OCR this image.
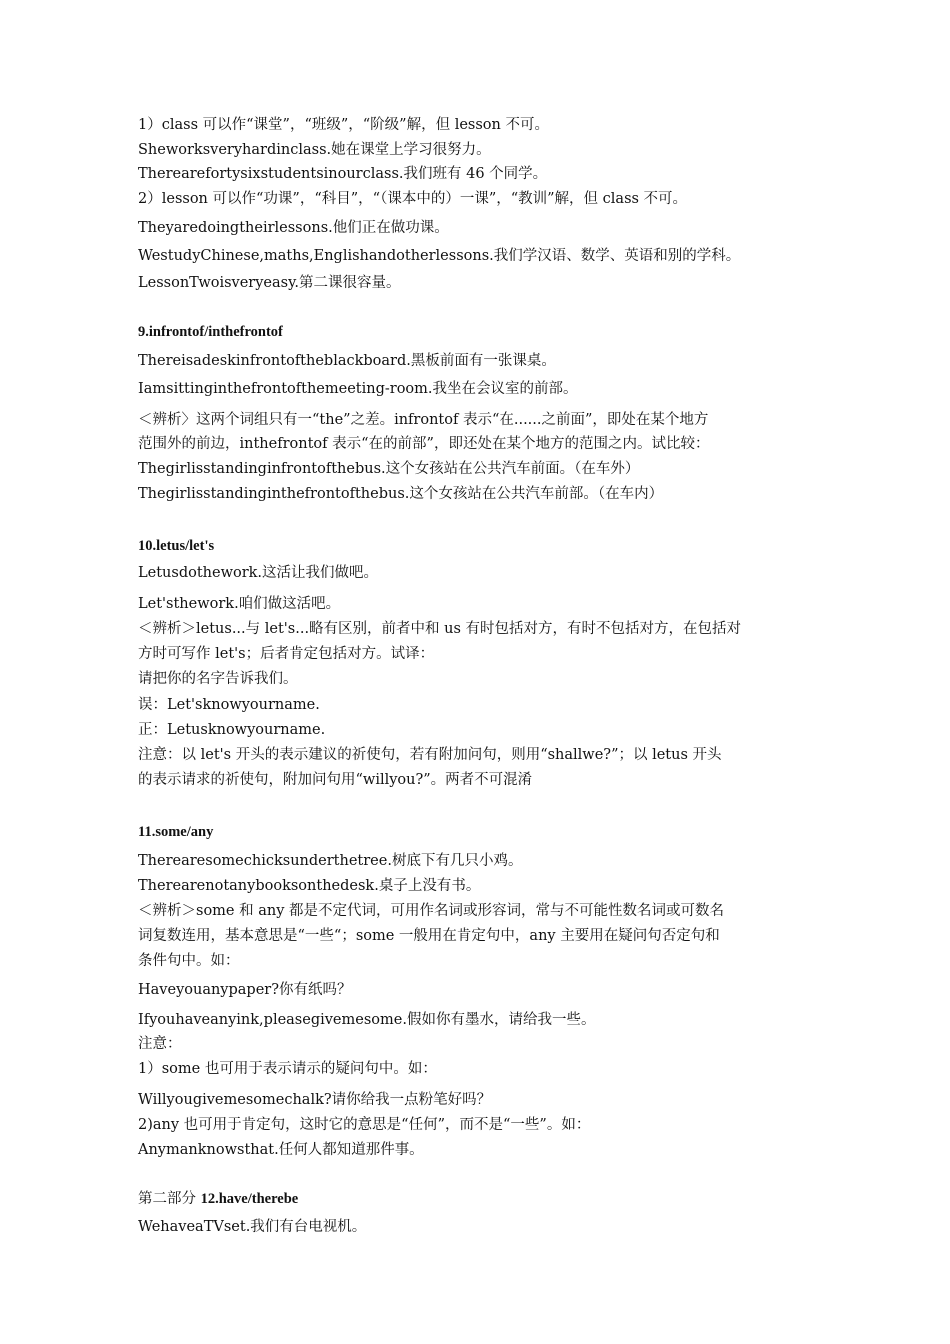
1）class 可以作“课堂”，“班级”，“阶级”解，但 lesson 不可。
Sheworksveryhardinclass.她在课堂上学习很努力。
Therearefortysixstudentsinourclass.我们班有 46 个同学。
2）lesson 可以作“功课”，“科目”，“（课本中的）一课”，“教训”解，但 class 不可。
Theyaredoingtheirlessons.他们正在做功课。
WestudyChinese,maths,Englishandotherlessons.我们学汉语、数学、英语和别的学科。
LessonTwoisveryeasy.第二课很容量。
9.infrontof/inthefrontof
Thereisadeskinfrontoftheblackboard.黑板前面有一张课桌。
Iamsittinginthefrontofthemeeting-room.我坐在会议室的前部。
＜辨析〉这两个词组只有一“the”之差。infrontof 表示“在......之前面”，即处在某个地方
范围外的前边，inthefrontof 表示“在的前部”，即还处在某个地方的范围之内。试比较：
Thegirlisstandinginfrontofthebus.这个女孩站在公共汽车前面。（在车外）
Thegirlisstandinginthefrontofthebus.这个女孩站在公共汽车前部。（在车内）
10.letus/let's
Letusdothework.这活让我们做吧。
Let'sthework.咱们做这活吧。
＜辨析＞letus...与 let's...略有区别，前者中和 us 有时包括对方，有时不包括对方，在包括对
方时可写作 let's；后者肯定包括对方。试译：
请把你的名字告诉我们。
误：Let'sknowyourname.
正：Letusknowyourname.
注意：以 let's 开头的表示建议的祈使句，若有附加问句，则用“shallwe?”；以 letus 开头
的表示请求的祈使句，附加问句用“willyou?”。两者不可混淆
11.some/any
Therearesomechicksunderthetree.树底下有几只小鸡。
Therearenotanybooksonthedesk.桌子上没有书。
＜辨析＞some 和 any 都是不定代词，可用作名词或形容词，常与不可能性数名词或可数名
词复数连用，基本意思是“一些“；some 一般用在肯定句中，any 主要用在疑问句否定句和
条件句中。如：
Haveyouanypaper?你有纸吗？
Ifyouhaveanyink,pleasegivemesome.假如你有墨水，请给我一些。
注意：
1）some 也可用于表示请示的疑问句中。如：
Willyougivemesomechalk?请你给我一点粉笔好吗？
2)any 也可用于肯定句，这时它的意思是“任何”，而不是“一些”。如：
Anymanknowsthat.任何人都知道那件事。
第二部分 12.have/therebe
WehaveaTVset.我们有台电视机。
